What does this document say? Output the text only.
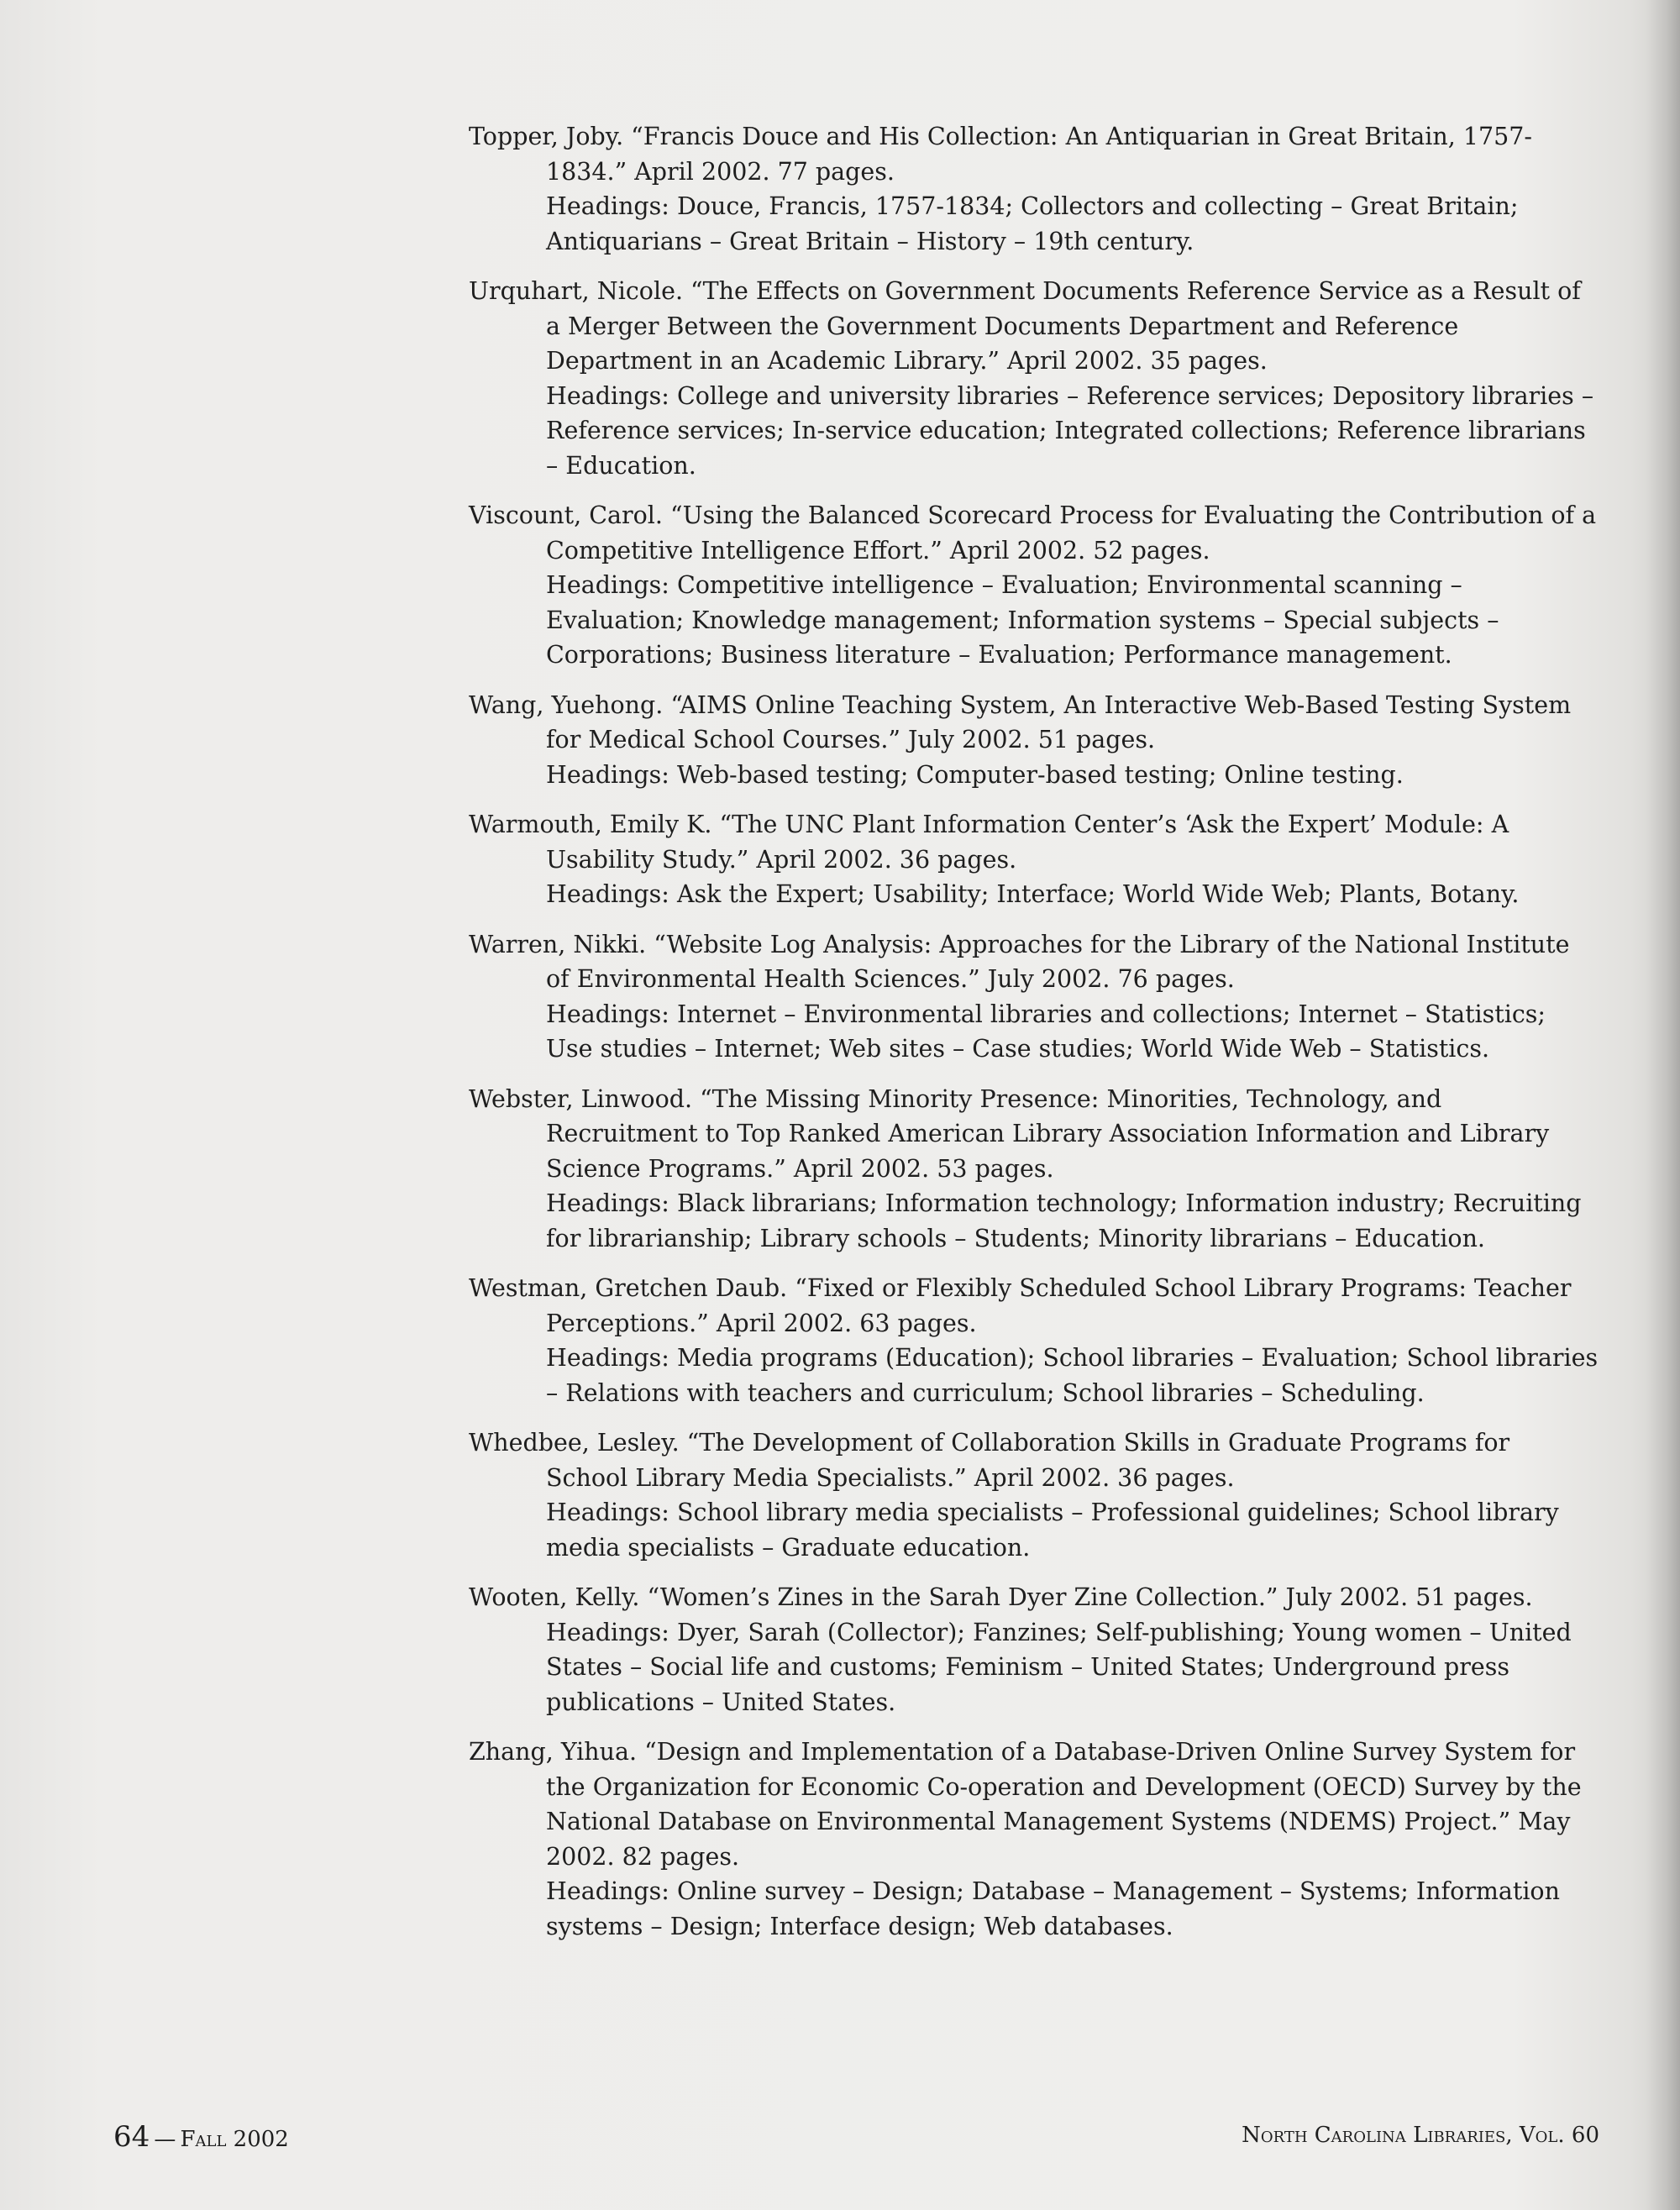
Topper, Joby. “Francis Douce and His Collection: An Antiquarian in Great Britain, 1757-1834.” April 2002. 77 pages.
Headings: Douce, Francis, 1757-1834; Collectors and collecting – Great Britain; Antiquarians – Great Britain – History – 19th century.

Urquhart, Nicole. “The Effects on Government Documents Reference Service as a Result of a Merger Between the Government Documents Department and Reference Department in an Academic Library.” April 2002. 35 pages.
Headings: College and university libraries – Reference services; Depository libraries – Reference services; In-service education; Integrated collections; Reference librarians – Education.

Viscount, Carol. “Using the Balanced Scorecard Process for Evaluating the Contribution of a Competitive Intelligence Effort.” April 2002. 52 pages.
Headings: Competitive intelligence – Evaluation; Environmental scanning – Evaluation; Knowledge management; Information systems – Special subjects – Corporations; Business literature – Evaluation; Performance management.

Wang, Yuehong. “AIMS Online Teaching System, An Interactive Web-Based Testing System for Medical School Courses.” July 2002. 51 pages.
Headings: Web-based testing; Computer-based testing; Online testing.

Warmouth, Emily K. “The UNC Plant Information Center’s ‘Ask the Expert’ Module: A Usability Study.” April 2002. 36 pages.
Headings: Ask the Expert; Usability; Interface; World Wide Web; Plants, Botany.

Warren, Nikki. “Website Log Analysis: Approaches for the Library of the National Institute of Environmental Health Sciences.” July 2002. 76 pages.
Headings: Internet – Environmental libraries and collections; Internet – Statistics; Use studies – Internet; Web sites – Case studies; World Wide Web – Statistics.

Webster, Linwood. “The Missing Minority Presence: Minorities, Technology, and Recruitment to Top Ranked American Library Association Information and Library Science Programs.” April 2002. 53 pages.
Headings: Black librarians; Information technology; Information industry; Recruiting for librarianship; Library schools – Students; Minority librarians – Education.

Westman, Gretchen Daub. “Fixed or Flexibly Scheduled School Library Programs: Teacher Perceptions.” April 2002. 63 pages.
Headings: Media programs (Education); School libraries – Evaluation; School libraries – Relations with teachers and curriculum; School libraries – Scheduling.

Whedbee, Lesley. “The Development of Collaboration Skills in Graduate Programs for School Library Media Specialists.” April 2002. 36 pages.
Headings: School library media specialists – Professional guidelines; School library media specialists – Graduate education.

Wooten, Kelly. “Women’s Zines in the Sarah Dyer Zine Collection.” July 2002. 51 pages.
Headings: Dyer, Sarah (Collector); Fanzines; Self-publishing; Young women – United States – Social life and customs; Feminism – United States; Underground press publications – United States.

Zhang, Yihua. “Design and Implementation of a Database-Driven Online Survey System for the Organization for Economic Co-operation and Development (OECD) Survey by the National Database on Environmental Management Systems (NDEMS) Project.” May 2002. 82 pages.
Headings: Online survey – Design; Database – Management – Systems; Information systems – Design; Interface design; Web databases.

64 — Fall 2002	North Carolina Libraries, Vol. 60
